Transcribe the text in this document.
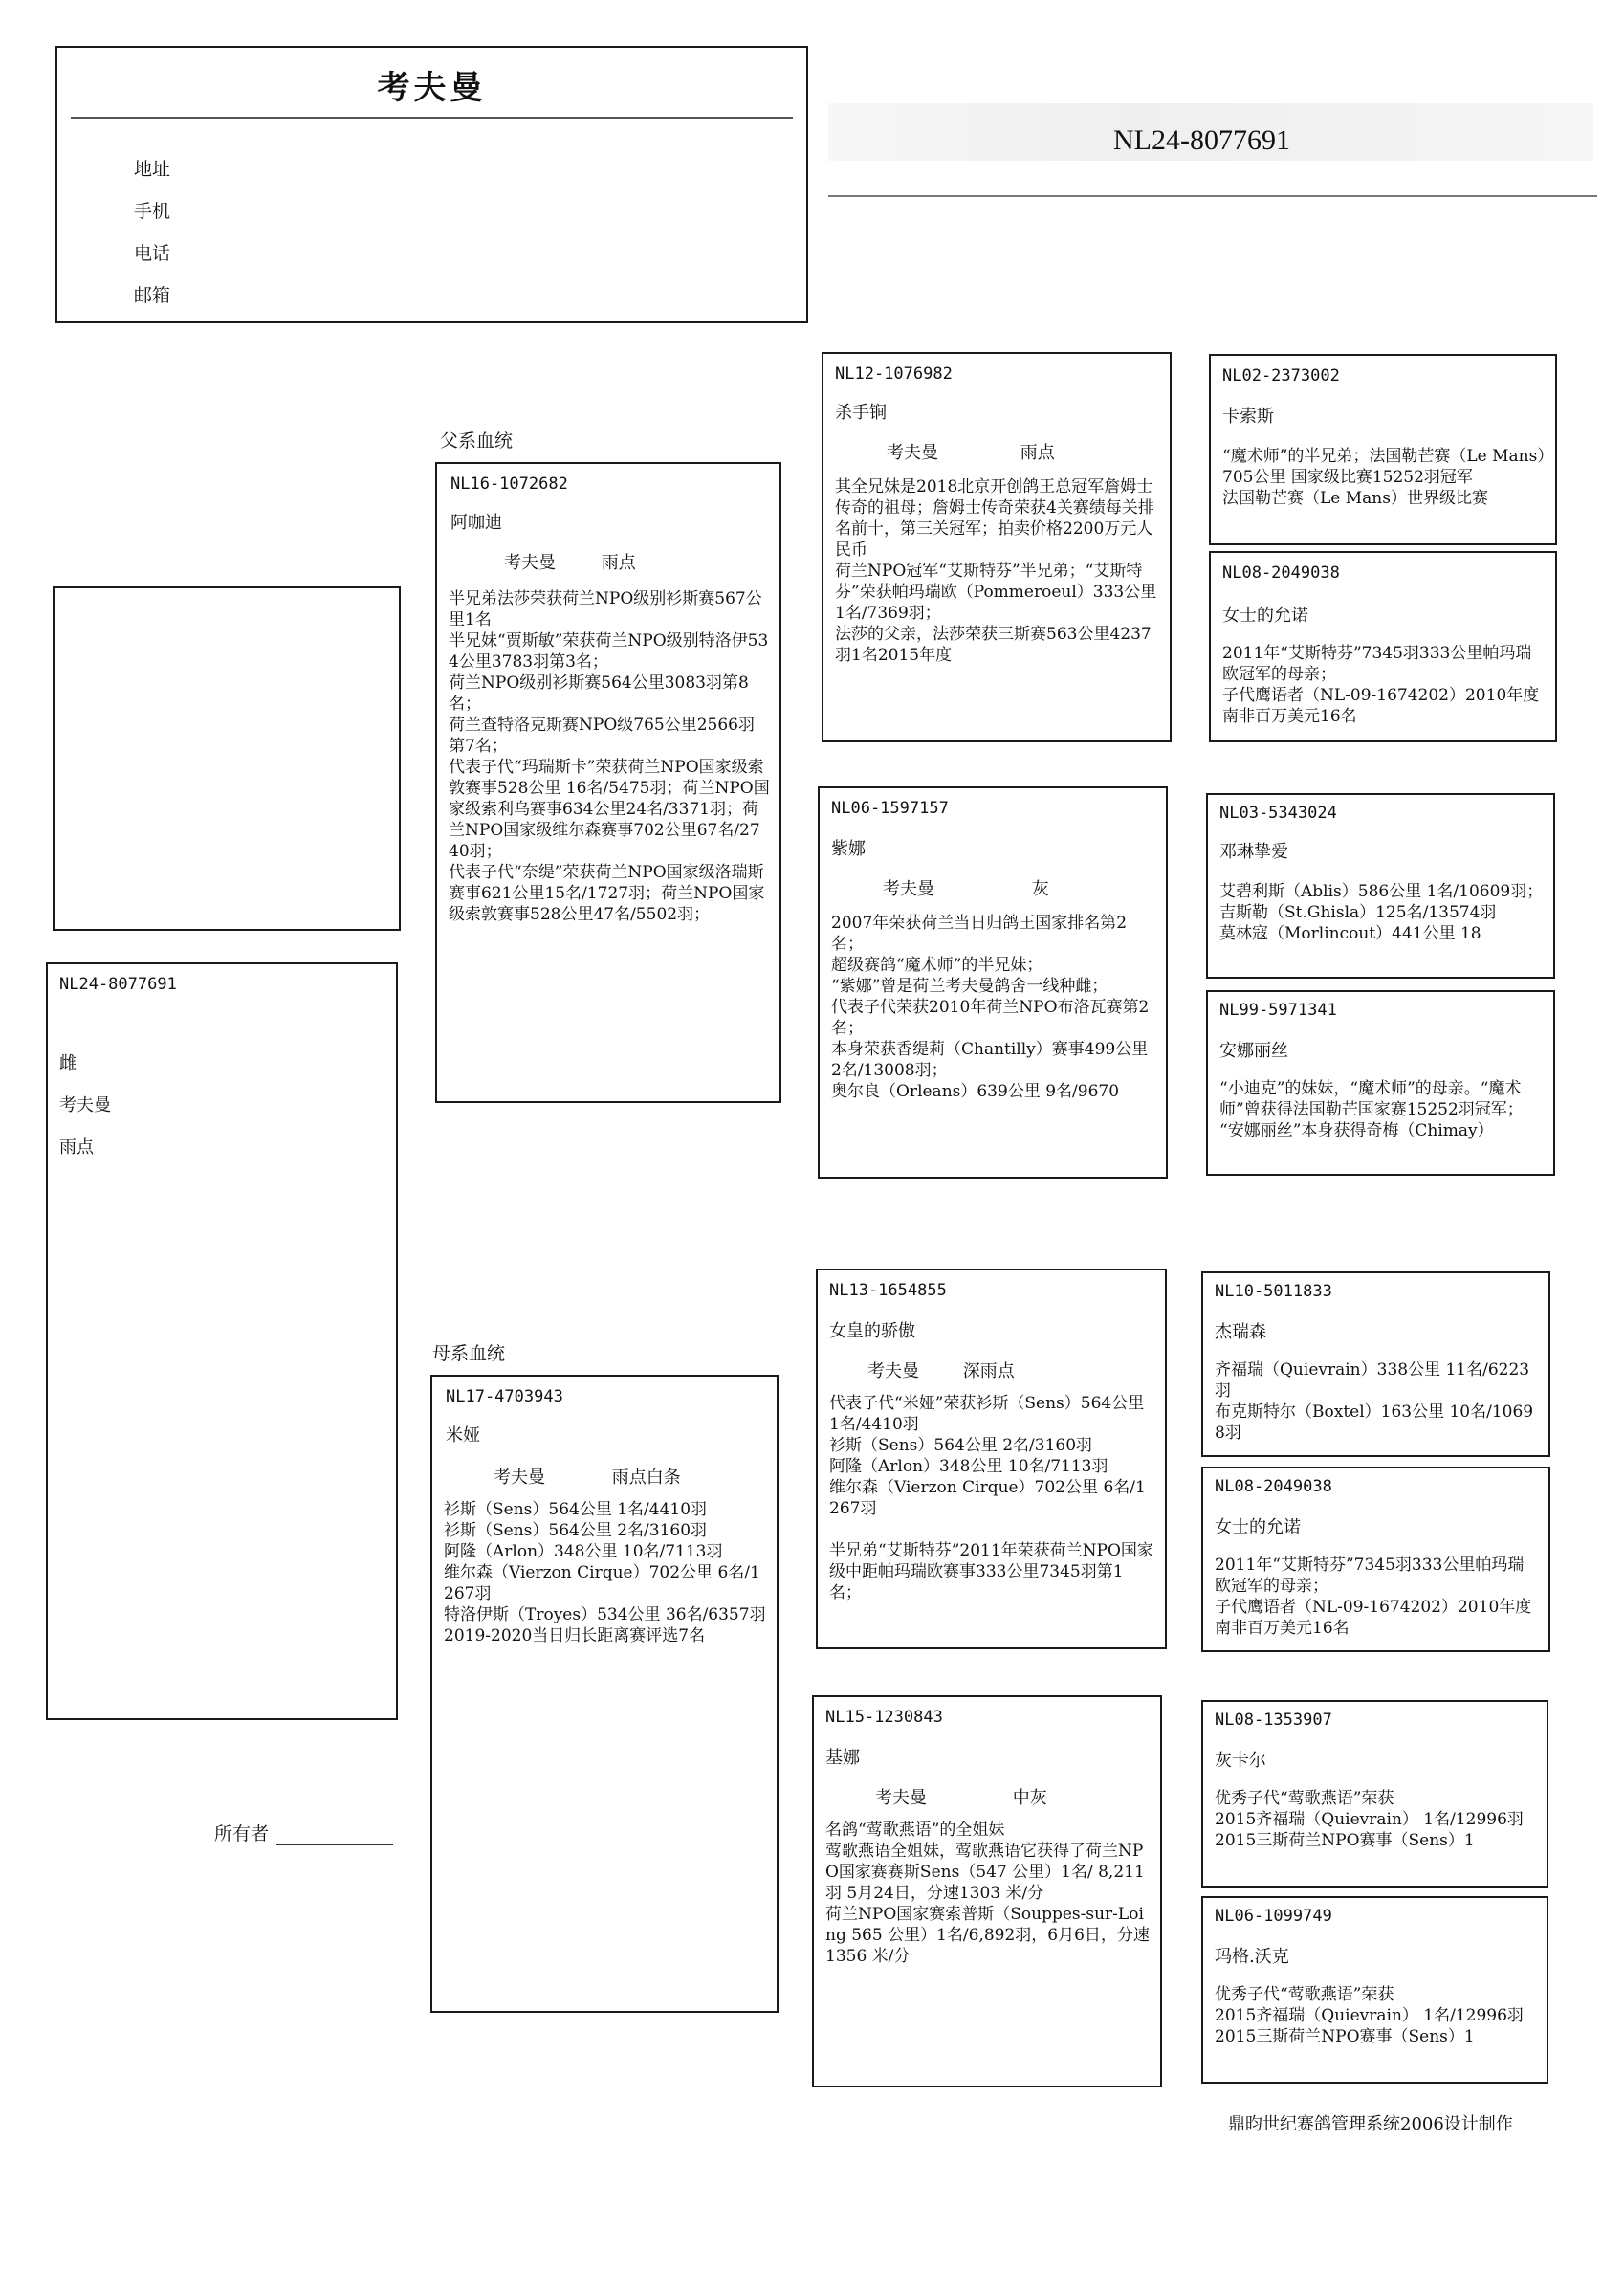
考夫曼
地址
手机
电话
邮箱
NL24-8077691
NL24-8077691
雌
考夫曼
雨点
所有者
父系血统
母系血统
NL16-1072682
阿咖迪
考夫曼	雨点
半兄弟法莎荣获荷兰NPO级别衫斯赛567公里1名
半兄妹“贾斯敏”荣获荷兰NPO级别特洛伊534公里3783羽第3名；
荷兰NPO级别衫斯赛564公里3083羽第8名；
荷兰查特洛克斯赛NPO级765公里2566羽第7名；
代表子代“玛瑞斯卡”荣获荷兰NPO国家级索敦赛事528公里 16名/5475羽；荷兰NPO国家级索利乌赛事634公里24名/3371羽；荷兰NPO国家级维尔森赛事702公里67名/2740羽；
代表子代“奈缇”荣获荷兰NPO国家级洛瑞斯赛事621公里15名/1727羽；荷兰NPO国家级索敦赛事528公里47名/5502羽；
NL17-4703943
米娅
考夫曼	雨点白条
衫斯（Sens）564公里 1名/4410羽
衫斯（Sens）564公里 2名/3160羽
阿隆（Arlon）348公里 10名/7113羽
维尔森（Vierzon Cirque）702公里 6名/1267羽
特洛伊斯（Troyes）534公里 36名/6357羽
2019-2020当日归长距离赛评选7名
NL12-1076982
杀手锏
考夫曼	雨点
其全兄妹是2018北京开创鸽王总冠军詹姆士传奇的祖母；詹姆士传奇荣获4关赛绩每关排名前十，第三关冠军；拍卖价格2200万元人民币
荷兰NPO冠军“艾斯特芬”半兄弟；“艾斯特芬”荣获帕玛瑞欧（Pommeroeul）333公里 1名/7369羽；
法莎的父亲，法莎荣获三斯赛563公里4237羽1名2015年度
NL06-1597157
紫娜
考夫曼	灰
2007年荣获荷兰当日归鸽王国家排名第2名；
超级赛鸽“魔术师”的半兄妹；
“紫娜”曾是荷兰考夫曼鸽舍一线种雌；
代表子代荣获2010年荷兰NPO布洛瓦赛第2名；
本身荣获香缇莉（Chantilly）赛事499公里 2名/13008羽；
奥尔良（Orleans）639公里 9名/9670
NL13-1654855
女皇的骄傲
考夫曼	深雨点
代表子代“米娅”荣获衫斯（Sens）564公里 1名/4410羽
衫斯（Sens）564公里 2名/3160羽
阿隆（Arlon）348公里 10名/7113羽
维尔森（Vierzon Cirque）702公里 6名/1267羽

半兄弟“艾斯特芬”2011年荣获荷兰NPO国家级中距帕玛瑞欧赛事333公里7345羽第1名；
NL15-1230843
基娜
考夫曼	中灰
名鸽“莺歌燕语”的全姐妹
莺歌燕语全姐妹，莺歌燕语它获得了荷兰NPO国家赛赛斯Sens（547 公里）1名/ 8,211羽 5月24日，分速1303 米/分
荷兰NPO国家赛索普斯（Souppes-sur-Loing 565 公里）1名/6,892羽，6月6日，分速
1356 米/分
NL02-2373002
卡索斯
“魔术师”的半兄弟；法国勒芒赛（Le Mans）705公里 国家级比赛15252羽冠军
法国勒芒赛（Le Mans）世界级比赛
NL08-2049038
女士的允诺
2011年“艾斯特芬”7345羽333公里帕玛瑞欧冠军的母亲；
子代鹰语者（NL-09-1674202）2010年度南非百万美元16名
NL03-5343024
邓琳挚爱
艾碧利斯（Ablis）586公里 1名/10609羽；
吉斯勒（St.Ghisla）125名/13574羽
莫林寇（Morlincout）441公里 18
NL99-5971341
安娜丽丝
“小迪克”的妹妹，“魔术师”的母亲。“魔术师”曾获得法国勒芒国家赛15252羽冠军；
“安娜丽丝”本身获得奇梅（Chimay）
NL10-5011833
杰瑞森
齐福瑞（Quievrain）338公里 11名/6223羽
布克斯特尔（Boxtel）163公里 10名/10698羽
NL08-2049038
女士的允诺
2011年“艾斯特芬”7345羽333公里帕玛瑞欧冠军的母亲；
子代鹰语者（NL-09-1674202）2010年度南非百万美元16名
NL08-1353907
灰卡尔
优秀子代“莺歌燕语”荣获
2015齐福瑞（Quievrain） 1名/12996羽
2015三斯荷兰NPO赛事（Sens）1
NL06-1099749
玛格.沃克
优秀子代“莺歌燕语”荣获
2015齐福瑞（Quievrain） 1名/12996羽
2015三斯荷兰NPO赛事（Sens）1
鼎昀世纪赛鸽管理系统2006设计制作
